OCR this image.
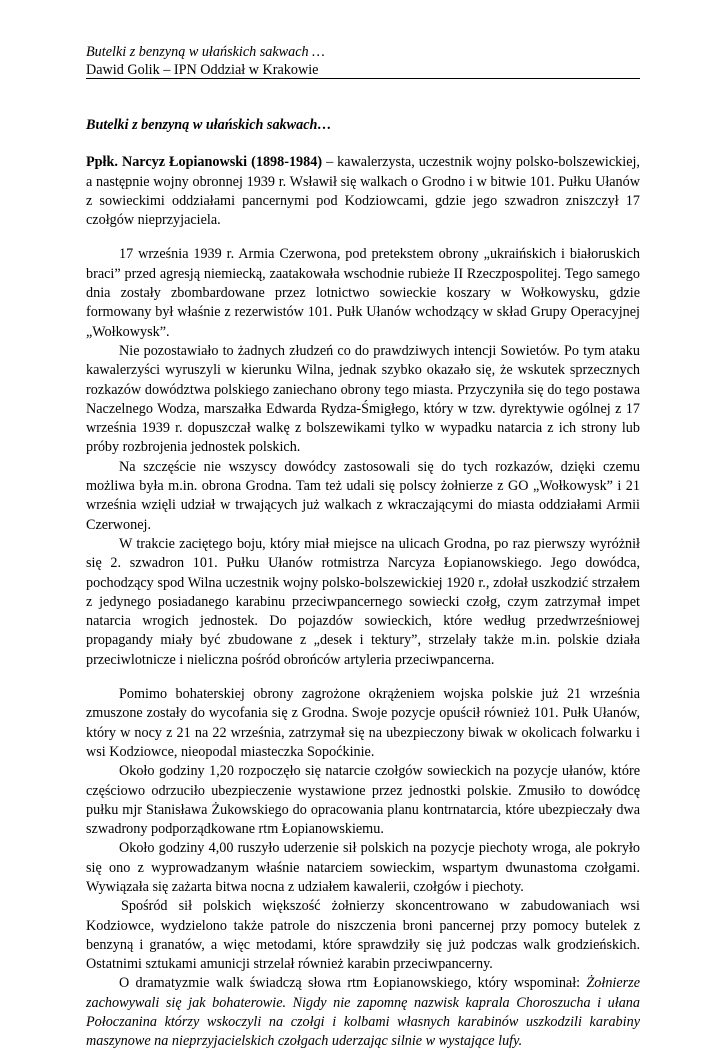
Butelki z benzyną w ułańskich sakwach …
Dawid Golik – IPN Oddział w Krakowie

Butelki z benzyną w ułańskich sakwach…

Ppłk. Narcyz Łopianowski (1898-1984) – kawalerzysta, uczestnik wojny polsko-bolszewickiej, a następnie wojny obronnej 1939 r. Wsławił się walkach o Grodno i w bitwie 101. Pułku Ułanów z sowieckimi oddziałami pancernymi pod Kodziowcami, gdzie jego szwadron zniszczył 17 czołgów nieprzyjaciela.

17 września 1939 r. Armia Czerwona, pod pretekstem obrony „ukraińskich i białoruskich braci” przed agresją niemiecką, zaatakowała wschodnie rubieże II Rzeczpospolitej. Tego samego dnia zostały zbombardowane przez lotnictwo sowieckie koszary w Wołkowysku, gdzie formowany był właśnie z rezerwistów 101. Pułk Ułanów wchodzący w skład Grupy Operacyjnej „Wołkowysk”.

Nie pozostawiało to żadnych złudzeń co do prawdziwych intencji Sowietów. Po tym ataku kawalerzyści wyruszyli w kierunku Wilna, jednak szybko okazało się, że wskutek sprzecznych rozkazów dowództwa polskiego zaniechano obrony tego miasta. Przyczyniła się do tego postawa Naczelnego Wodza, marszałka Edwarda Rydza-Śmigłego, który w tzw. dyrektywie ogólnej z 17 września 1939 r. dopuszczał walkę z bolszewikami tylko w wypadku natarcia z ich strony lub próby rozbrojenia jednostek polskich.

Na szczęście nie wszyscy dowódcy zastosowali się do tych rozkazów, dzięki czemu możliwa była m.in. obrona Grodna. Tam też udali się polscy żołnierze z GO „Wołkowysk” i 21 września wzięli udział w trwających już walkach z wkraczającymi do miasta oddziałami Armii Czerwonej.

W trakcie zaciętego boju, który miał miejsce na ulicach Grodna, po raz pierwszy wyróżnił się 2. szwadron 101. Pułku Ułanów rotmistrza Narcyza Łopianowskiego. Jego dowódca, pochodzący spod Wilna uczestnik wojny polsko-bolszewickiej 1920 r., zdołał uszkodzić strzałem z jedynego posiadanego karabinu przeciwpancernego sowiecki czołg, czym zatrzymał impet natarcia wrogich jednostek. Do pojazdów sowieckich, które według przedwrześniowej propagandy miały być zbudowane z „desek i tektury”, strzelały także m.in. polskie działa przeciwlotnicze i nieliczna pośród obrońców artyleria przeciwpancerna.

Pomimo bohaterskiej obrony zagrożone okrążeniem wojska polskie już 21 września zmuszone zostały do wycofania się z Grodna. Swoje pozycje opuścił również 101. Pułk Ułanów, który w nocy z 21 na 22 września, zatrzymał się na ubezpieczony biwak w okolicach folwarku i wsi Kodziowce, nieopodal miasteczka Sopoćkinie.

Około godziny 1,20 rozpoczęło się natarcie czołgów sowieckich na pozycje ułanów, które częściowo odrzuciło ubezpieczenie wystawione przez jednostki polskie. Zmusiło to dowódcę pułku mjr Stanisława Żukowskiego do opracowania planu kontrnatarcia, które ubezpieczały dwa szwadrony podporządkowane rtm Łopianowskiemu.

Około godziny 4,00 ruszyło uderzenie sił polskich na pozycje piechoty wroga, ale pokryło się ono z wyprowadzanym właśnie natarciem sowieckim, wspartym dwunastoma czołgami. Wywiązała się zażarta bitwa nocna z udziałem kawalerii, czołgów i piechoty.

Spośród sił polskich większość żołnierzy skoncentrowano w zabudowaniach wsi Kodziowce, wydzielono także patrole do niszczenia broni pancernej przy pomocy butelek z benzyną i granatów, a więc metodami, które sprawdziły się już podczas walk grodzieńskich. Ostatnimi sztukami amunicji strzelał również karabin przeciwpancerny.

O dramatyzmie walk świadczą słowa rtm Łopianowskiego, który wspominał: Żołnierze zachowywali się jak bohaterowie. Nigdy nie zapomnę nazwisk kaprala Choroszucha i ułana Połoczanina którzy wskoczyli na czołgi i kolbami własnych karabinów uszkodzili karabiny maszynowe na nieprzyjacielskich czołgach uderzając silnie w wystające lufy.
